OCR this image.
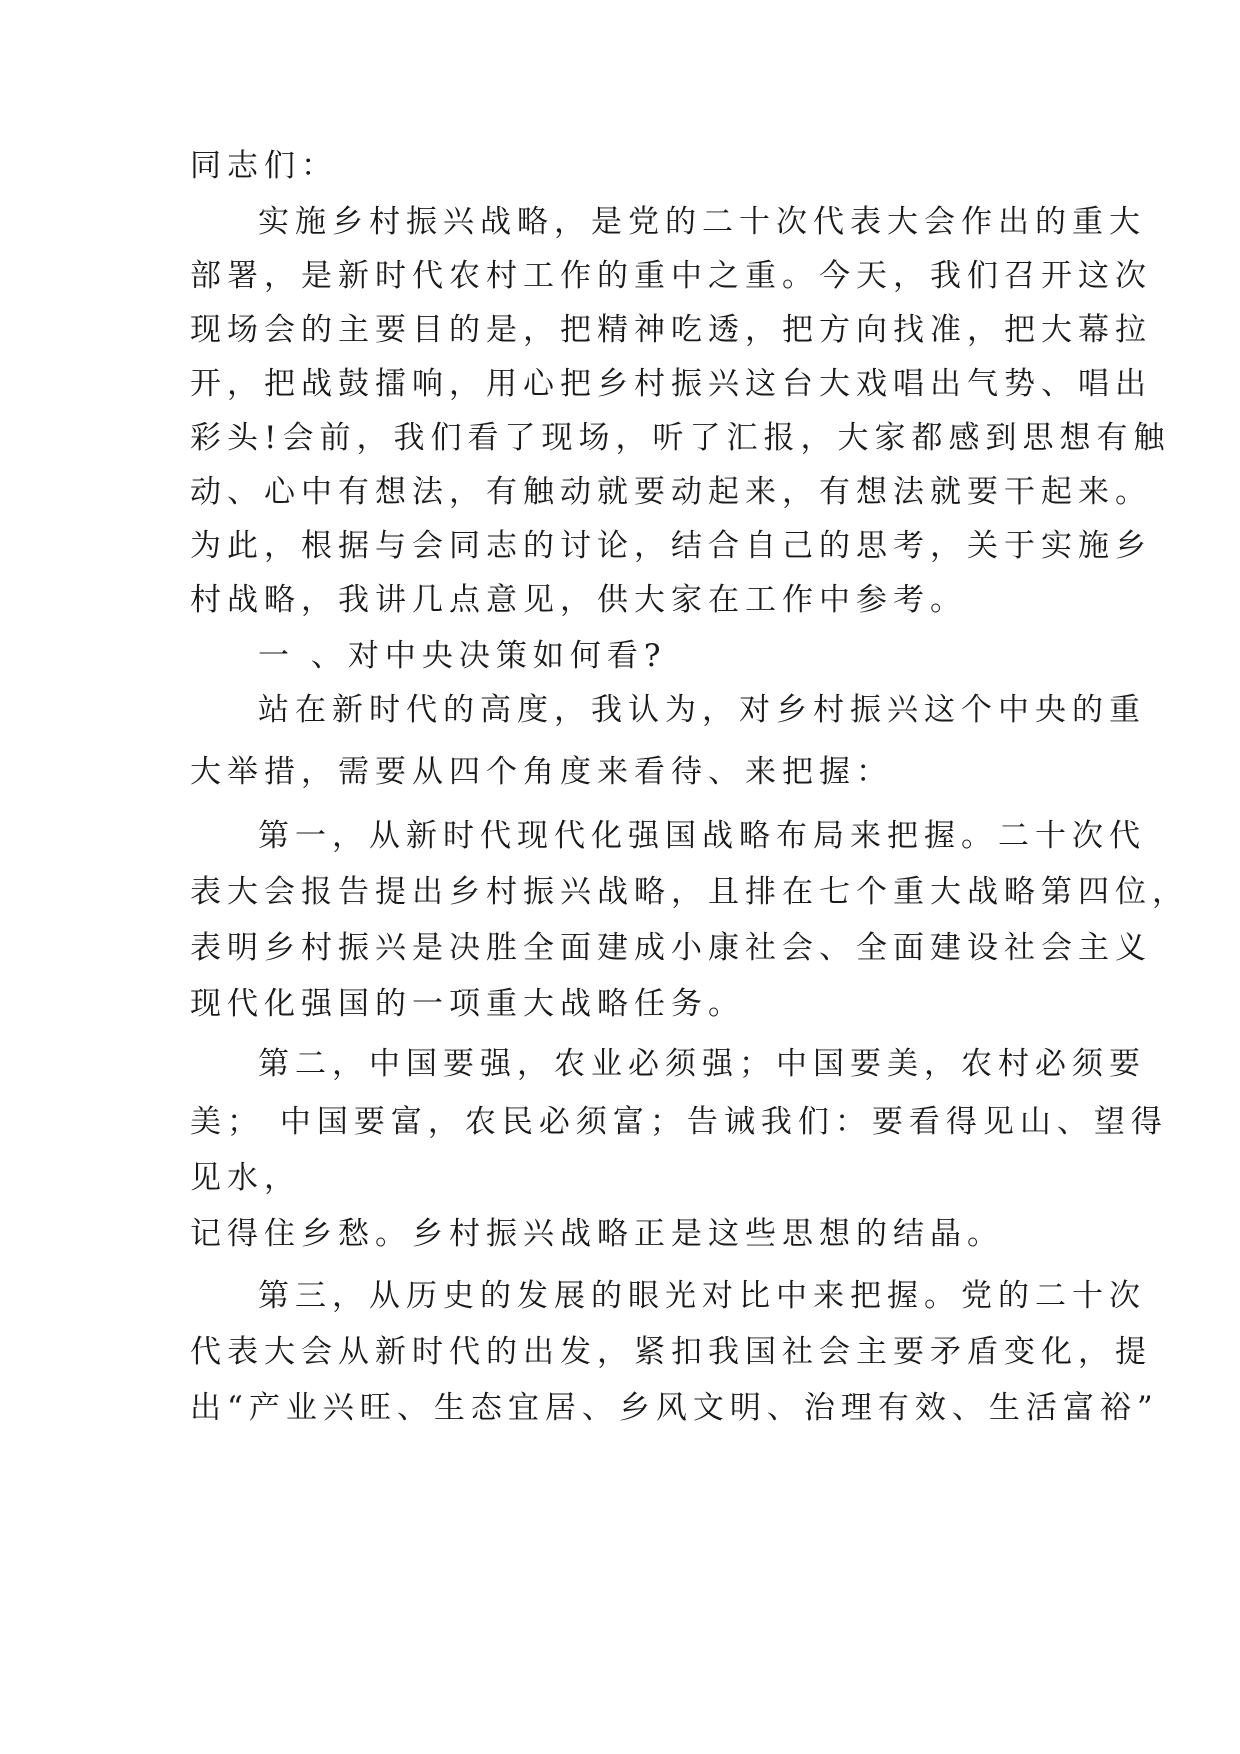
同志们：
实施乡村振兴战略，是党的二十次代表大会作出的重大
部署，是新时代农村工作的重中之重。今天，我们召开这次
现场会的主要目的是，把精神吃透，把方向找准，把大幕拉
开，把战鼓擂响，用心把乡村振兴这台大戏唱出气势、唱出
彩头!会前，我们看了现场，听了汇报，大家都感到思想有触
动、心中有想法，有触动就要动起来，有想法就要干起来。
为此，根据与会同志的讨论，结合自己的思考，关于实施乡
村战略，我讲几点意见，供大家在工作中参考。
一 、对中央决策如何看?
站在新时代的高度，我认为，对乡村振兴这个中央的重
大举措，需要从四个角度来看待、来把握：
第一，从新时代现代化强国战略布局来把握。二十次代
表大会报告提出乡村振兴战略，且排在七个重大战略第四位，
表明乡村振兴是决胜全面建成小康社会、全面建设社会主义
现代化强国的一项重大战略任务。
第二，中国要强，农业必须强；中国要美，农村必须要
美； 中国要富，农民必须富；告诫我们：要看得见山、望得
见水，
记得住乡愁。乡村振兴战略正是这些思想的结晶。
第三，从历史的发展的眼光对比中来把握。党的二十次
代表大会从新时代的出发，紧扣我国社会主要矛盾变化，提
出“产业兴旺、生态宜居、乡风文明、治理有效、生活富裕”
